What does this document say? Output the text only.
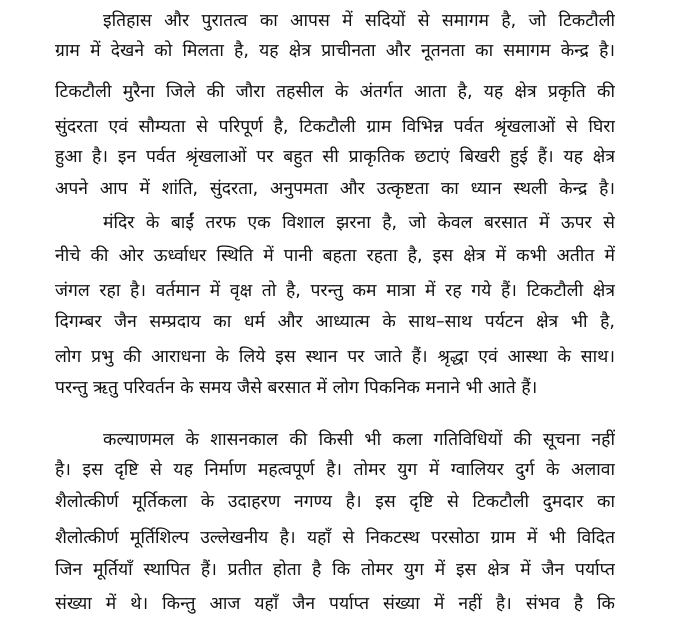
इतिहास और पुरातत्व का आपस में सदियों से समागम है, जो टिकटौली
ग्राम में देखने को मिलता है, यह क्षेत्र प्राचीनता और नूतनता का समागम केन्द्र है।
टिकटौली मुरैना जिले की जौरा तहसील के अंतर्गत आता है, यह क्षेत्र प्रकृति की
सुंदरता एवं सौम्यता से परिपूर्ण है, टिकटौली ग्राम विभिन्न पर्वत श्रृंखलाओं से घिरा
हुआ है। इन पर्वत श्रृंखलाओं पर बहुत सी प्राकृतिक छटाएं बिखरी हुई हैं। यह क्षेत्र
अपने आप में शांति, सुंदरता, अनुपमता और उत्कृष्टता का ध्यान स्थली केन्द्र है।
मंदिर के बाईं तरफ एक विशाल झरना है, जो केवल बरसात में ऊपर से
नीचे की ओर ऊर्ध्वाधर स्थिति में पानी बहता रहता है, इस क्षेत्र में कभी अतीत में
जंगल रहा है। वर्तमान में वृक्ष तो है, परन्तु कम मात्रा में रह गये हैं। टिकटौली क्षेत्र
दिगम्बर जैन सम्प्रदाय का धर्म और आध्यात्म के साथ–साथ पर्यटन क्षेत्र भी है,
लोग प्रभु की आराधना के लिये इस स्थान पर जाते हैं। श्रृद्धा एवं आस्था के साथ।
परन्तु ऋतु परिवर्तन के समय जैसे बरसात में लोग पिकनिक मनाने भी आते हैं।
कल्याणमल के शासनकाल की किसी भी कला गतिविधियों की सूचना नहीं
है। इस दृष्टि से यह निर्माण महत्वपूर्ण है। तोमर युग में ग्वालियर दुर्ग के अलावा
शैलोत्कीर्ण मूर्तिकला के उदाहरण नगण्य है। इस दृष्टि से टिकटौली दुमदार का
शैलोत्कीर्ण मूर्तिशिल्प उल्लेखनीय है। यहाँ से निकटस्थ परसोठा ग्राम में भी विदित
जिन मूर्तियाँ स्थापित हैं। प्रतीत होता है कि तोमर युग में इस क्षेत्र में जैन पर्याप्त
संख्या में थे। किन्तु आज यहाँ जैन पर्याप्त संख्या में नहीं है। संभव है कि
